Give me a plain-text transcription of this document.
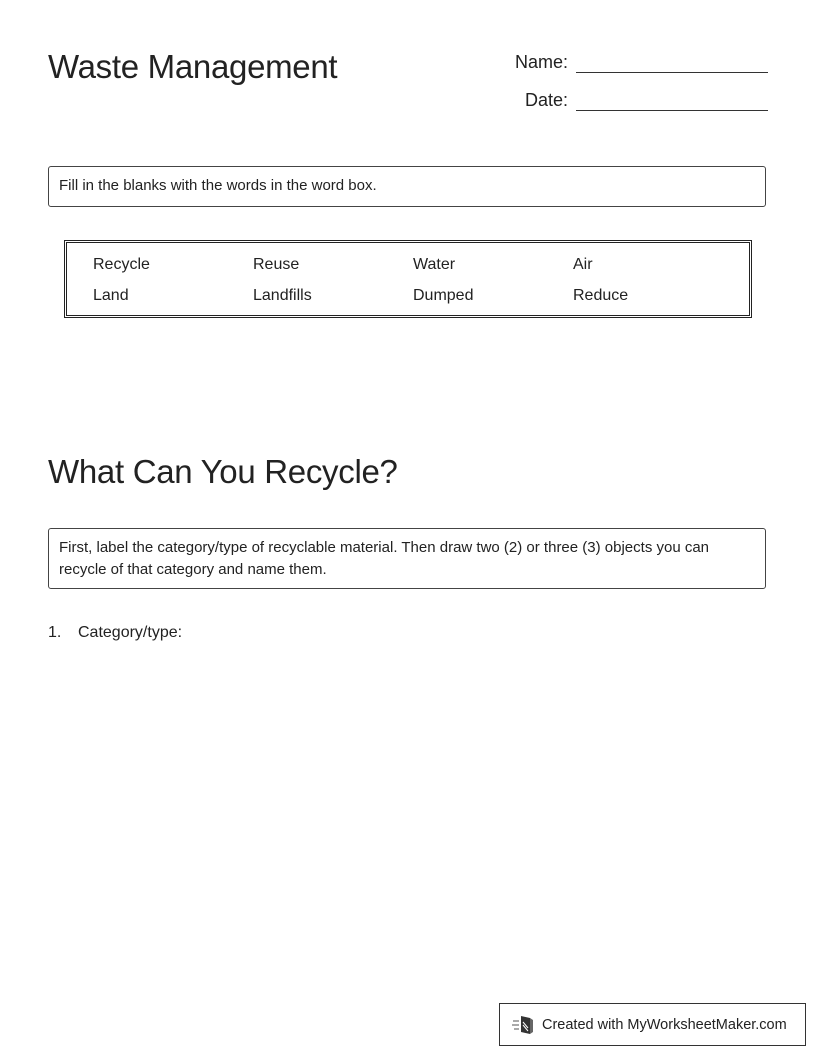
Waste Management	Name:
Date:
Fill in the blanks with the words in the word box.
Recycle	Reuse	Water	Air
Land	Landfills	Dumped	Reduce
What Can You Recycle?
First, label the category/type of recyclable material. Then draw two (2) or three (3) objects you can recycle of that category and name them.
1. Category/type:
Created with MyWorksheetMaker.com
